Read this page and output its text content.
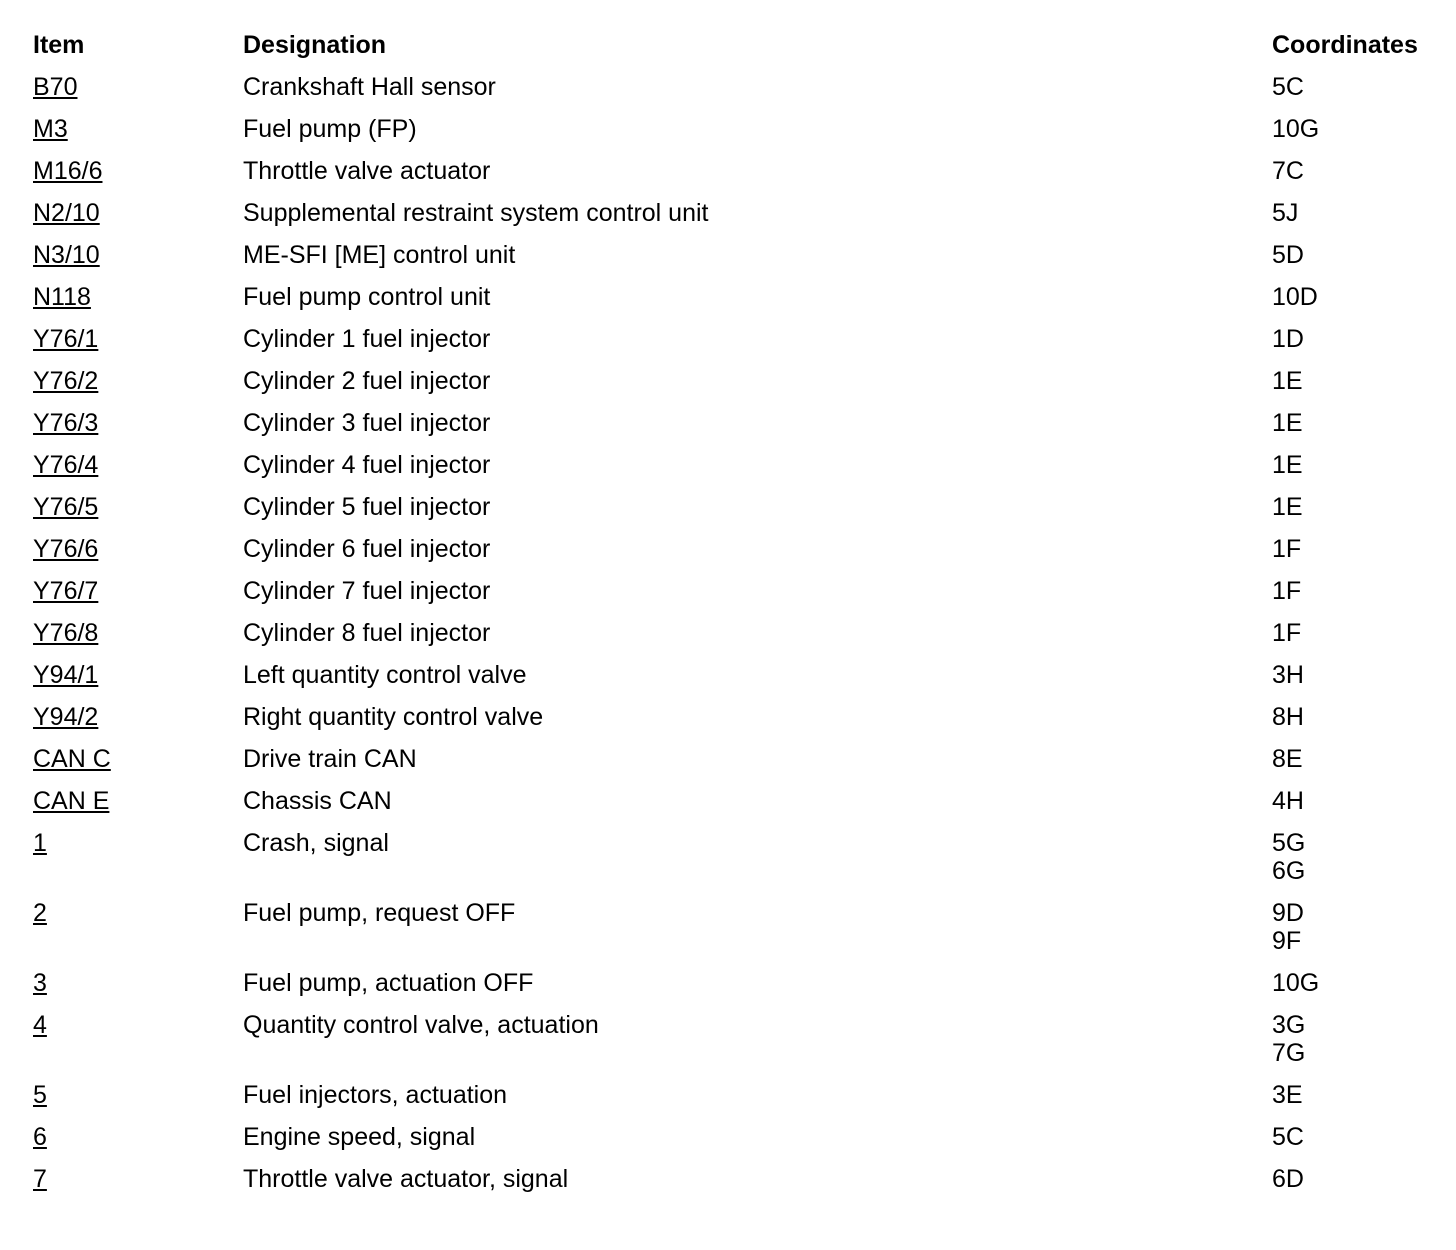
Item	Designation	Coordinates
B70	Crankshaft Hall sensor	5C
M3	Fuel pump (FP)	10G
M16/6	Throttle valve actuator	7C
N2/10	Supplemental restraint system control unit	5J
N3/10	ME-SFI [ME] control unit	5D
N118	Fuel pump control unit	10D
Y76/1	Cylinder 1 fuel injector	1D
Y76/2	Cylinder 2 fuel injector	1E
Y76/3	Cylinder 3 fuel injector	1E
Y76/4	Cylinder 4 fuel injector	1E
Y76/5	Cylinder 5 fuel injector	1E
Y76/6	Cylinder 6 fuel injector	1F
Y76/7	Cylinder 7 fuel injector	1F
Y76/8	Cylinder 8 fuel injector	1F
Y94/1	Left quantity control valve	3H
Y94/2	Right quantity control valve	8H
CAN C	Drive train CAN	8E
CAN E	Chassis CAN	4H
1	Crash, signal	5G
6G
2	Fuel pump, request OFF	9D
9F
3	Fuel pump, actuation OFF	10G
4	Quantity control valve, actuation	3G
7G
5	Fuel injectors, actuation	3E
6	Engine speed, signal	5C
7	Throttle valve actuator, signal	6D
